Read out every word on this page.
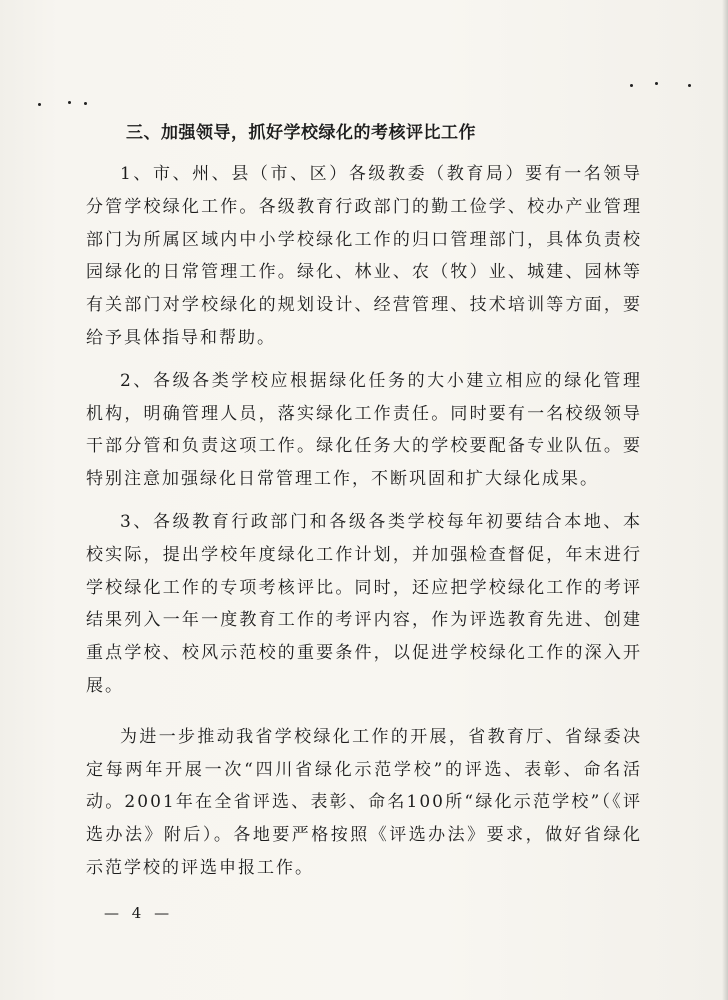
三、加强领导，抓好学校绿化的考核评比工作

1、市、州、县（市、区）各级教委（教育局）要有一名领导分管学校绿化工作。各级教育行政部门的勤工俭学、校办产业管理部门为所属区域内中小学校绿化工作的归口管理部门，具体负责校园绿化的日常管理工作。绿化、林业、农（牧）业、城建、园林等有关部门对学校绿化的规划设计、经营管理、技术培训等方面，要给予具体指导和帮助。

2、各级各类学校应根据绿化任务的大小建立相应的绿化管理机构，明确管理人员，落实绿化工作责任。同时要有一名校级领导干部分管和负责这项工作。绿化任务大的学校要配备专业队伍。要特别注意加强绿化日常管理工作，不断巩固和扩大绿化成果。

3、各级教育行政部门和各级各类学校每年初要结合本地、本校实际，提出学校年度绿化工作计划，并加强检查督促，年末进行学校绿化工作的专项考核评比。同时，还应把学校绿化工作的考评结果列入一年一度教育工作的考评内容，作为评选教育先进、创建重点学校、校风示范校的重要条件，以促进学校绿化工作的深入开展。

为进一步推动我省学校绿化工作的开展，省教育厅、省绿委决定每两年开展一次“四川省绿化示范学校”的评选、表彰、命名活动。2001年在全省评选、表彰、命名100所“绿化示范学校”（《评选办法》附后）。各地要严格按照《评选办法》要求，做好省绿化示范学校的评选申报工作。

— 4 —
